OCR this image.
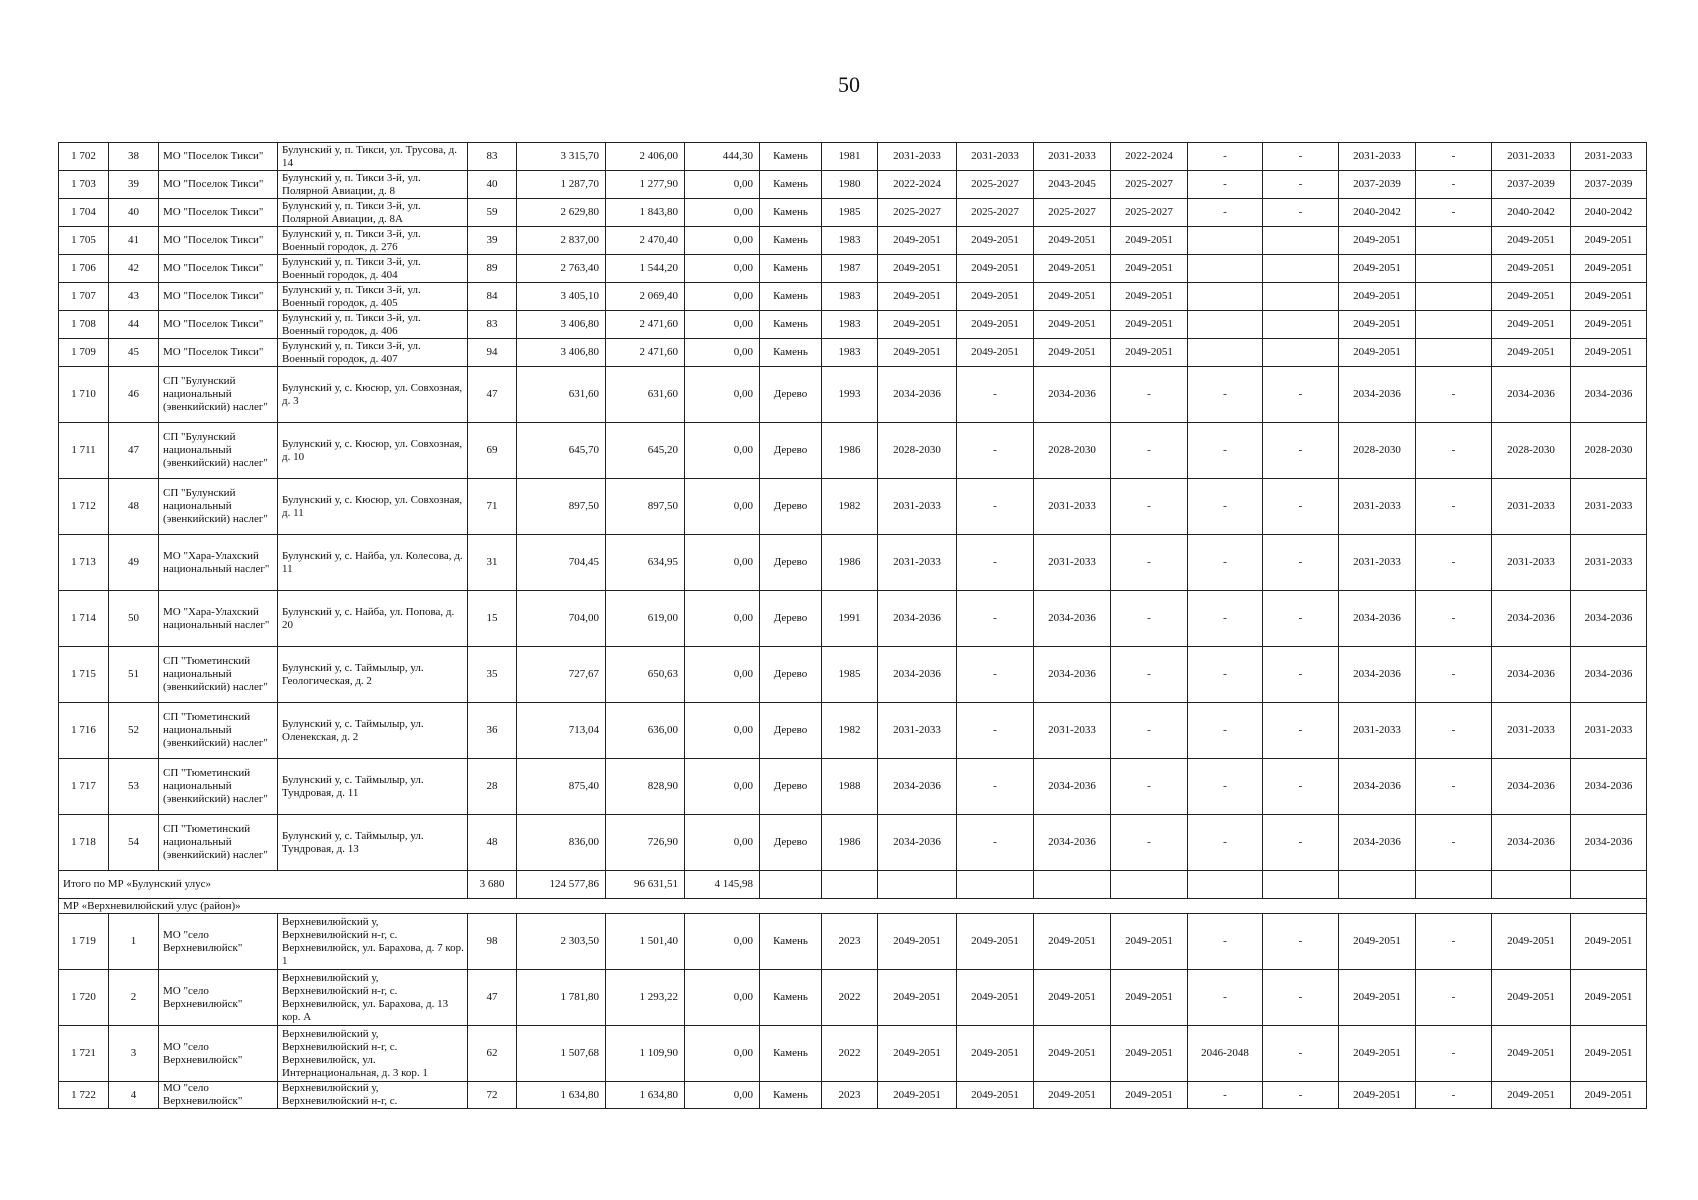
50
1 702	38	МО "Поселок Тикси"	Булунский у, п. Тикси, ул. Трусова, д. 14	83	3 315,70	2 406,00	444,30	Камень	1981	2031-2033	2031-2033	2031-2033	2022-2024	-	-	2031-2033	-	2031-2033	2031-2033
1 703	39	МО "Поселок Тикси"	Булунский у, п. Тикси 3-й, ул. Полярной Авиации, д. 8	40	1 287,70	1 277,90	0,00	Камень	1980	2022-2024	2025-2027	2043-2045	2025-2027	-	-	2037-2039	-	2037-2039	2037-2039
1 704	40	МО "Поселок Тикси"	Булунский у, п. Тикси 3-й, ул. Полярной Авиации, д. 8А	59	2 629,80	1 843,80	0,00	Камень	1985	2025-2027	2025-2027	2025-2027	2025-2027	-	-	2040-2042	-	2040-2042	2040-2042
1 705	41	МО "Поселок Тикси"	Булунский у, п. Тикси 3-й, ул. Военный городок, д. 276	39	2 837,00	2 470,40	0,00	Камень	1983	2049-2051	2049-2051	2049-2051	2049-2051			2049-2051		2049-2051	2049-2051
1 706	42	МО "Поселок Тикси"	Булунский у, п. Тикси 3-й, ул. Военный городок, д. 404	89	2 763,40	1 544,20	0,00	Камень	1987	2049-2051	2049-2051	2049-2051	2049-2051			2049-2051		2049-2051	2049-2051
1 707	43	МО "Поселок Тикси"	Булунский у, п. Тикси 3-й, ул. Военный городок, д. 405	84	3 405,10	2 069,40	0,00	Камень	1983	2049-2051	2049-2051	2049-2051	2049-2051			2049-2051		2049-2051	2049-2051
1 708	44	МО "Поселок Тикси"	Булунский у, п. Тикси 3-й, ул. Военный городок, д. 406	83	3 406,80	2 471,60	0,00	Камень	1983	2049-2051	2049-2051	2049-2051	2049-2051			2049-2051		2049-2051	2049-2051
1 709	45	МО "Поселок Тикси"	Булунский у, п. Тикси 3-й, ул. Военный городок, д. 407	94	3 406,80	2 471,60	0,00	Камень	1983	2049-2051	2049-2051	2049-2051	2049-2051			2049-2051		2049-2051	2049-2051
1 710	46	СП "Булунский национальный (эвенкийский) наслег"	Булунский у, с. Кюсюр, ул. Совхозная, д. 3	47	631,60	631,60	0,00	Дерево	1993	2034-2036	-	2034-2036	-	-	-	2034-2036	-	2034-2036	2034-2036
1 711	47	СП "Булунский национальный (эвенкийский) наслег"	Булунский у, с. Кюсюр, ул. Совхозная, д. 10	69	645,70	645,20	0,00	Дерево	1986	2028-2030	-	2028-2030	-	-	-	2028-2030	-	2028-2030	2028-2030
1 712	48	СП "Булунский национальный (эвенкийский) наслег"	Булунский у, с. Кюсюр, ул. Совхозная, д. 11	71	897,50	897,50	0,00	Дерево	1982	2031-2033	-	2031-2033	-	-	-	2031-2033	-	2031-2033	2031-2033
1 713	49	МО "Хара-Улахский национальный наслег"	Булунский у, с. Найба, ул. Колесова, д. 11	31	704,45	634,95	0,00	Дерево	1986	2031-2033	-	2031-2033	-	-	-	2031-2033	-	2031-2033	2031-2033
1 714	50	МО "Хара-Улахский национальный наслег"	Булунский у, с. Найба, ул. Попова, д. 20	15	704,00	619,00	0,00	Дерево	1991	2034-2036	-	2034-2036	-	-	-	2034-2036	-	2034-2036	2034-2036
1 715	51	СП "Тюметинский национальный (эвенкийский) наслег"	Булунский у, с. Таймылыр, ул. Геологическая, д. 2	35	727,67	650,63	0,00	Дерево	1985	2034-2036	-	2034-2036	-	-	-	2034-2036	-	2034-2036	2034-2036
1 716	52	СП "Тюметинский национальный (эвенкийский) наслег"	Булунский у, с. Таймылыр, ул. Оленекская, д. 2	36	713,04	636,00	0,00	Дерево	1982	2031-2033	-	2031-2033	-	-	-	2031-2033	-	2031-2033	2031-2033
1 717	53	СП "Тюметинский национальный (эвенкийский) наслег"	Булунский у, с. Таймылыр, ул. Тундровая, д. 11	28	875,40	828,90	0,00	Дерево	1988	2034-2036	-	2034-2036	-	-	-	2034-2036	-	2034-2036	2034-2036
1 718	54	СП "Тюметинский национальный (эвенкийский) наслег"	Булунский у, с. Таймылыр, ул. Тундровая, д. 13	48	836,00	726,90	0,00	Дерево	1986	2034-2036	-	2034-2036	-	-	-	2034-2036	-	2034-2036	2034-2036
Итого по МР «Булунский улус»				3 680	124 577,86	96 631,51	4 145,98												
МР «Верхневилюйский улус (район)»																			
1 719	1	МО "село Верхневилюйск"	Верхневилюйский у, Верхневилюйский н-г, с. Верхневилюйск, ул. Барахова, д. 7 кор. 1	98	2 303,50	1 501,40	0,00	Камень	2023	2049-2051	2049-2051	2049-2051	2049-2051	-	-	2049-2051	-	2049-2051	2049-2051
1 720	2	МО "село Верхневилюйск"	Верхневилюйский у, Верхневилюйский н-г, с. Верхневилюйск, ул. Барахова, д. 13 кор. А	47	1 781,80	1 293,22	0,00	Камень	2022	2049-2051	2049-2051	2049-2051	2049-2051	-	-	2049-2051	-	2049-2051	2049-2051
1 721	3	МО "село Верхневилюйск"	Верхневилюйский у, Верхневилюйский н-г, с. Верхневилюйск, ул. Интернациональная, д. 3 кор. 1	62	1 507,68	1 109,90	0,00	Камень	2022	2049-2051	2049-2051	2049-2051	2049-2051	2046-2048	-	2049-2051	-	2049-2051	2049-2051
1 722	4	МО "село Верхневилюйск"	Верхневилюйский у, Верхневилюйский н-г, с.	72	1 634,80	1 634,80	0,00	Камень	2023	2049-2051	2049-2051	2049-2051	2049-2051	-	-	2049-2051	-	2049-2051	2049-2051
